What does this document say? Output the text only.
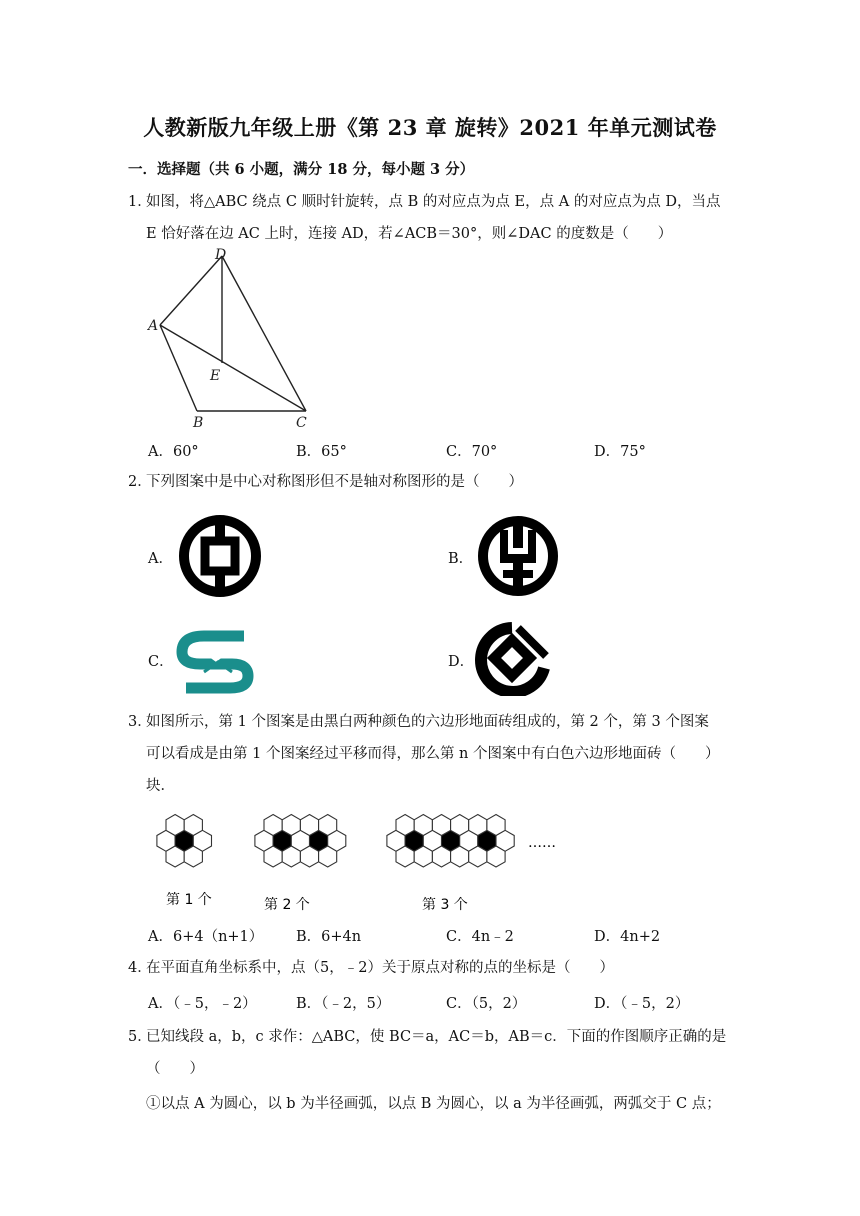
人教新版九年级上册《第 23 章 旋转》2021 年单元测试卷
一．选择题（共 6 小题，满分 18 分，每小题 3 分）
1．
如图，将△ABC 绕点 C 顺时针旋转，点 B 的对应点为点 E，点 A 的对应点为点 D，当点
E 恰好落在边 AC 上时，连接 AD，若∠ACB＝30°，则∠DAC 的度数是（　　）
D
A
E
B	C
A．60°	B．65°	C．70°	D．75°
2．
下列图案中是中心对称图形但不是轴对称图形的是（　　）
A．	B．
C．	D．
3．
如图所示，第 1 个图案是由黑白两种颜色的六边形地面砖组成的，第 2 个，第 3 个图案
可以看成是由第 1 个图案经过平移而得，那么第 n 个图案中有白色六边形地面砖（　　）
块．
第 1 个	第 2 个	第 3 个
……
A．6+4（n+1） B．6+4n	C．4n﹣2	D．4n+2
4．
在平面直角坐标系中，点（5，﹣2）关于原点对称的点的坐标是（　　）
A．（﹣5，﹣2）	B．（﹣2，5）	C．（5，2）	D．（﹣5，2）
5．
已知线段 a，b，c 求作：△ABC，使 BC＝a，AC＝b，AB＝c．下面的作图顺序正确的是
（　　）
①以点 A 为圆心，以 b 为半径画弧，以点 B 为圆心，以 a 为半径画弧，两弧交于 C 点；
